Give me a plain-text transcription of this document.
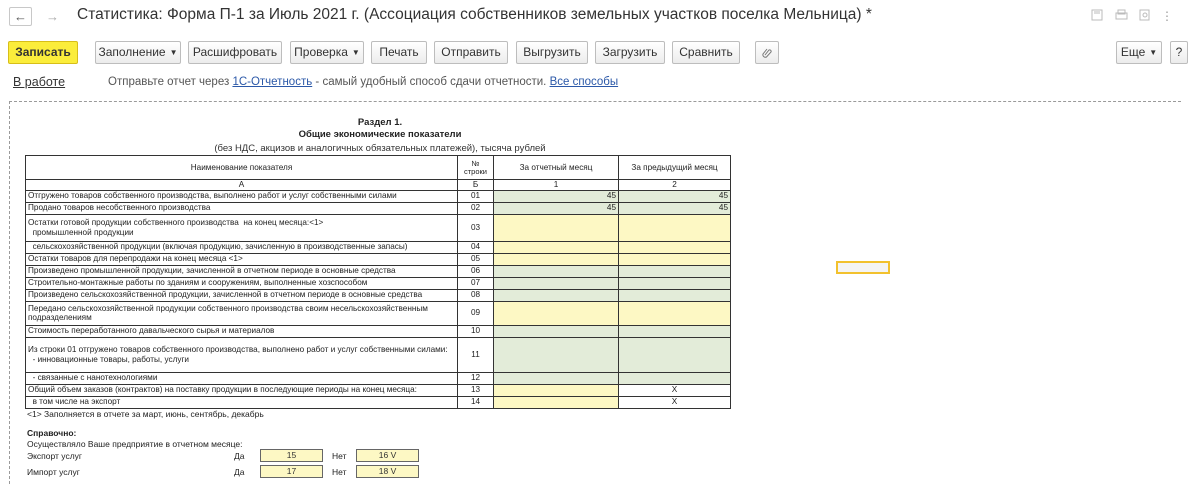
←	→	Статистика: Форма П-1 за Июль 2021 г. (Ассоциация собственников земельных участков поселка Мельница) *	⋮
Записать	Заполнение ▼	Расшифровать	Проверка ▼	Печать	Отправить	Выгрузить	Загрузить	Сравнить	Еще ▼	?
В работе	Отправьте отчет через 1С-Отчетность - самый удобный способ сдачи отчетности. Все способы
Раздел 1.
Общие экономические показатели
(без НДС, акцизов и аналогичных обязательных платежей), тысяча рублей
Наименование показателя	№ строки	За отчетный месяц	За предыдущий месяц
А	Б	1	2
Отгружено товаров собственного производства, выполнено работ и услуг собственными силами	01	45	45
Продано товаров несобственного производства	02	45	45
Остатки готовой продукции собственного производства  на конец месяца:<1>
промышленной продукции	03		
сельскохозяйственной продукции (включая продукцию, зачисленную в производственные запасы)	04		
Остатки товаров для перепродажи на конец месяца <1>	05		
Произведено промышленной продукции, зачисленной в отчетном периоде в основные средства	06		
Строительно-монтажные работы по зданиям и сооружениям, выполненные хозспособом	07		
Произведено сельскохозяйственной продукции, зачисленной в отчетном периоде в основные средства	08		
Передано сельскохозяйственной продукции собственного производства своим несельскохозяйственным подразделениям	09		
Стоимость переработанного давальческого сырья и материалов	10		
Из строки 01 отгружено товаров собственного производства, выполнено работ и услуг собственными силами:
- инновационные товары, работы, услуги	11		
- связанные с нанотехнологиями	12		
Общий объем заказов (контрактов) на поставку продукции в последующие периоды на конец месяца:	13		X
в том числе на экспорт	14		X
<1> Заполняется в отчете за март, июнь, сентябрь, декабрь
Справочно:
Осуществляло Ваше предприятие в отчетном месяце:
Экспорт услуг	Да	15	Нет	16 V
Импорт услуг	Да	17	Нет	18 V
